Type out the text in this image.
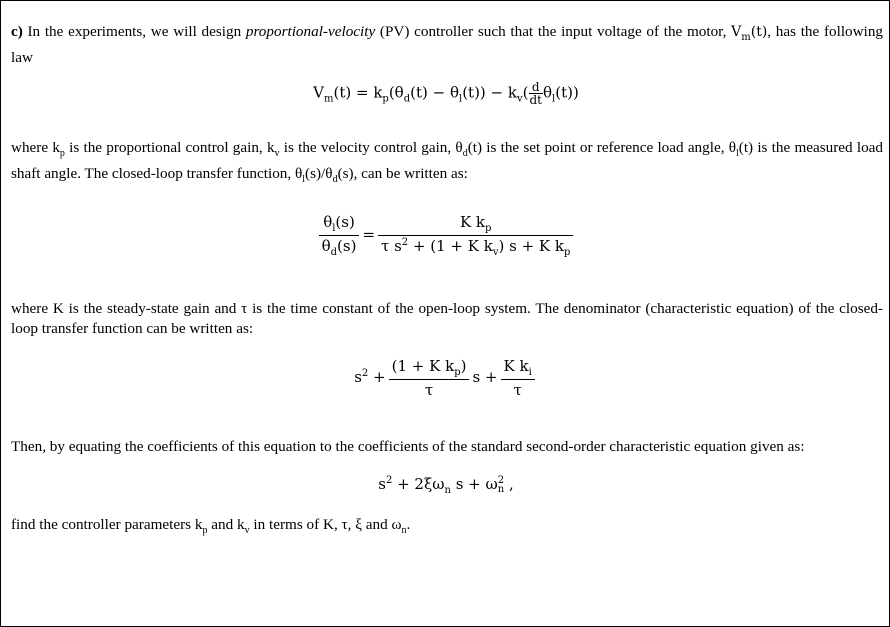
c) In the experiments, we will design proportional-velocity (PV) controller such that the input voltage of the motor, $V_m(t)$, has the following law
$V_m(t) = k_p(\theta_d(t) - \theta_l(t)) - k_v( \frac{d}{dt} \theta_l(t))$
where $k_p$ is the proportional control gain, $k_v$ is the velocity control gain, $\theta_d(t)$ is the set point or reference load angle, $\theta_l(t)$ is the measured load shaft angle. The closed-loop transfer function, $\theta_l(s)/\theta_d(s)$, can be written as:
$\frac{\theta_l(s)}{\theta_d(s)} = \frac{K k_p}{\tau s^2 + (1 + K k_v) s + K k_p}$
where K is the steady-state gain and τ is the time constant of the open-loop system. The denominator (characteristic equation) of the closed-loop transfer function can be written as:
$s^2 + \frac{(1 + K k_p)}{\tau}$ $s + \frac{K k_i}{\tau}$
Then, by equating the coefficients of this equation to the coefficients of the standard second-order characteristic equation given as:
$s^2 + 2\xi\omega_n$ s + ω 2
n ,
find the controller parameters $k_p$ and $k_v$ in terms of K, τ, ξ and $\omega_n$.
